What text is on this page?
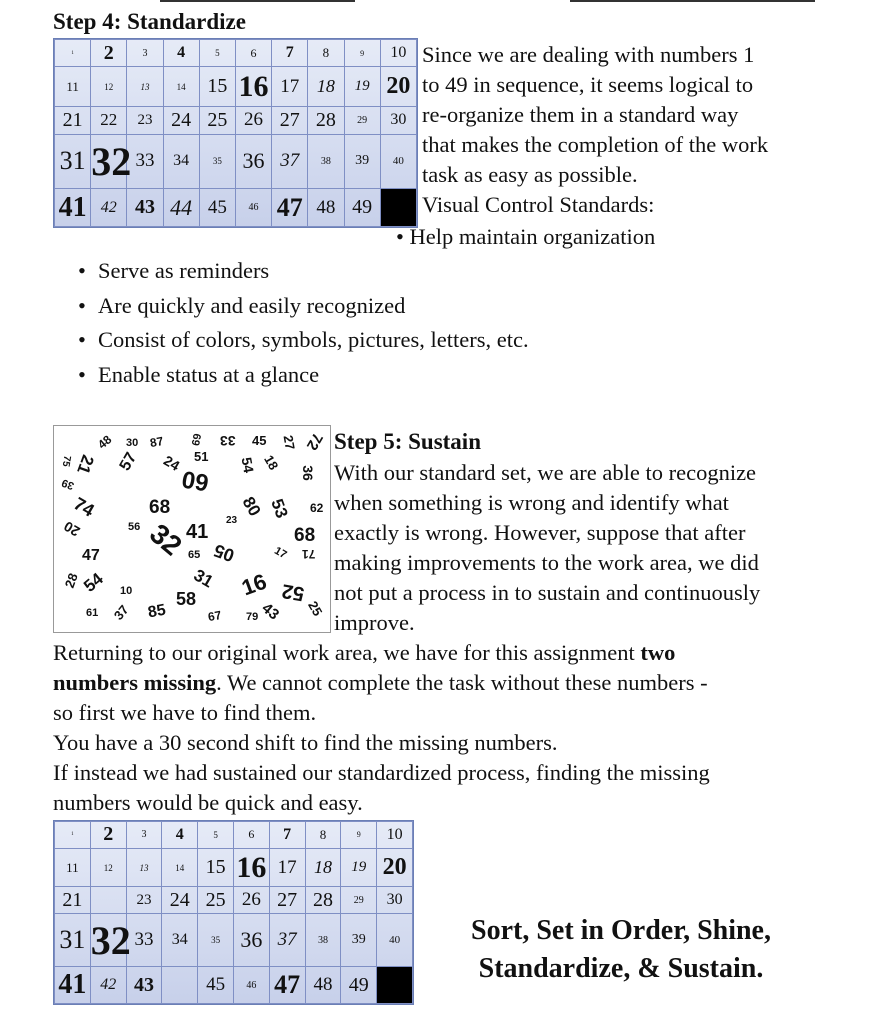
Step 4: Standardize
1	2	3	4	5	6	7	8	9	10
11	12	13	14	15	16	17	18	19	20
21	22	23	24	25	26	27	28	29	30
31	32	33	34	35	36	37	38	39	40
41	42	43	44	45	46	47	48	49	
Since we are dealing with numbers 1
to 49 in sequence, it seems logical to
re-organize them in a standard way
that makes the completion of the work
task as easy as possible.
Visual Control Standards:
• Help maintain organization
• Serve as reminders
• Are quickly and easily recognized
• Consist of colors, symbols, pictures, letters, etc.
• Enable status at a glance
48 30 87 69 33 45 27 72
21 57 24 51
60 54 18
36
39
74	68	80 53 62
20	56 32
41
23
05
68
47	65	17 71
54 10	31 16 52
58
61 37 85	67 79 43 25
28
75
Step 5: Sustain
With our standard set, we are able to recognize
when something is wrong and identify what
exactly is wrong. However, suppose that after
making improvements to the work area, we did
not put a process in to sustain and continuously
improve.
Returning to our original work area, we have for this assignment two
numbers missing. We cannot complete the task without these numbers -
so first we have to find them.
You have a 30 second shift to find the missing numbers.
If instead we had sustained our standardized process, finding the missing
numbers would be quick and easy.
1	2	3	4	5	6	7	8	9	10
11	12	13	14	15	16	17	18	19	20
21		23	24	25	26	27	28	29	30
31	32	33	34	35	36	37	38	39	40
41	42	43		45	46	47	48	49	
Sort, Set in Order, Shine,
Standardize, & Sustain.
